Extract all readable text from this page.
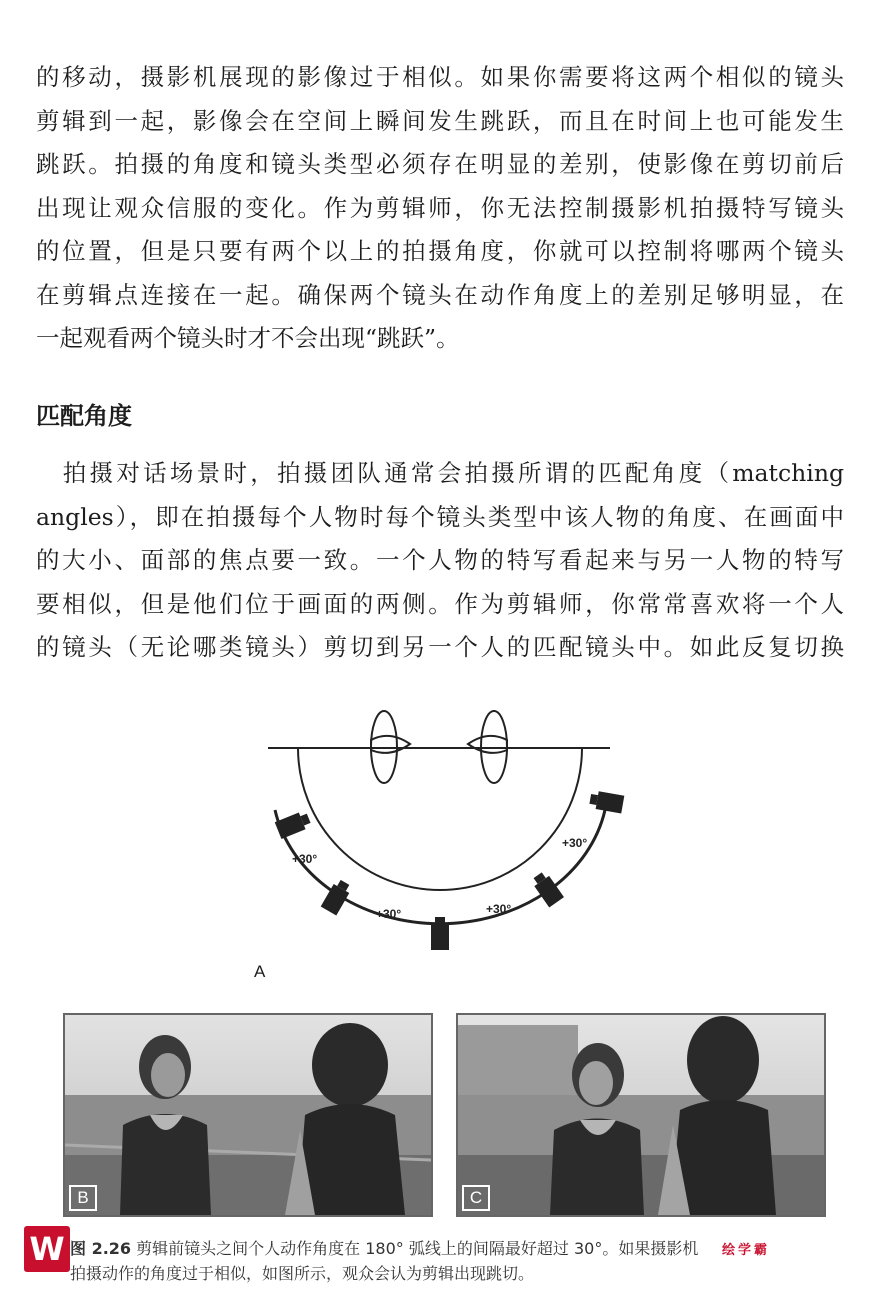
的移动，摄影机展现的影像过于相似。如果你需要将这两个相似的镜头
剪辑到一起，影像会在空间上瞬间发生跳跃，而且在时间上也可能发生
跳跃。拍摄的角度和镜头类型必须存在明显的差别，使影像在剪切前后
出现让观众信服的变化。作为剪辑师，你无法控制摄影机拍摄特写镜头
的位置，但是只要有两个以上的拍摄角度，你就可以控制将哪两个镜头
在剪辑点连接在一起。确保两个镜头在动作角度上的差别足够明显，在
一起观看两个镜头时才不会出现“跳跃”。
匹配角度
　拍摄对话场景时，拍摄团队通常会拍摄所谓的匹配角度（matching
angles），即在拍摄每个人物时每个镜头类型中该人物的角度、在画面中
的大小、面部的焦点要一致。一个人物的特写看起来与另一人物的特写
要相似，但是他们位于画面的两侧。作为剪辑师，你常常喜欢将一个人
的镜头（无论哪类镜头）剪切到另一个人的匹配镜头中。如此反复切换
+30°
+30°	+30°
+30°
A
B	C
W 图 2.26 剪辑前镜头之间个人动作角度在 180° 弧线上的间隔最好超过 30°。如果摄影机
拍摄动作的角度过于相似，如图所示，观众会认为剪辑出现跳切。
绘学霸
